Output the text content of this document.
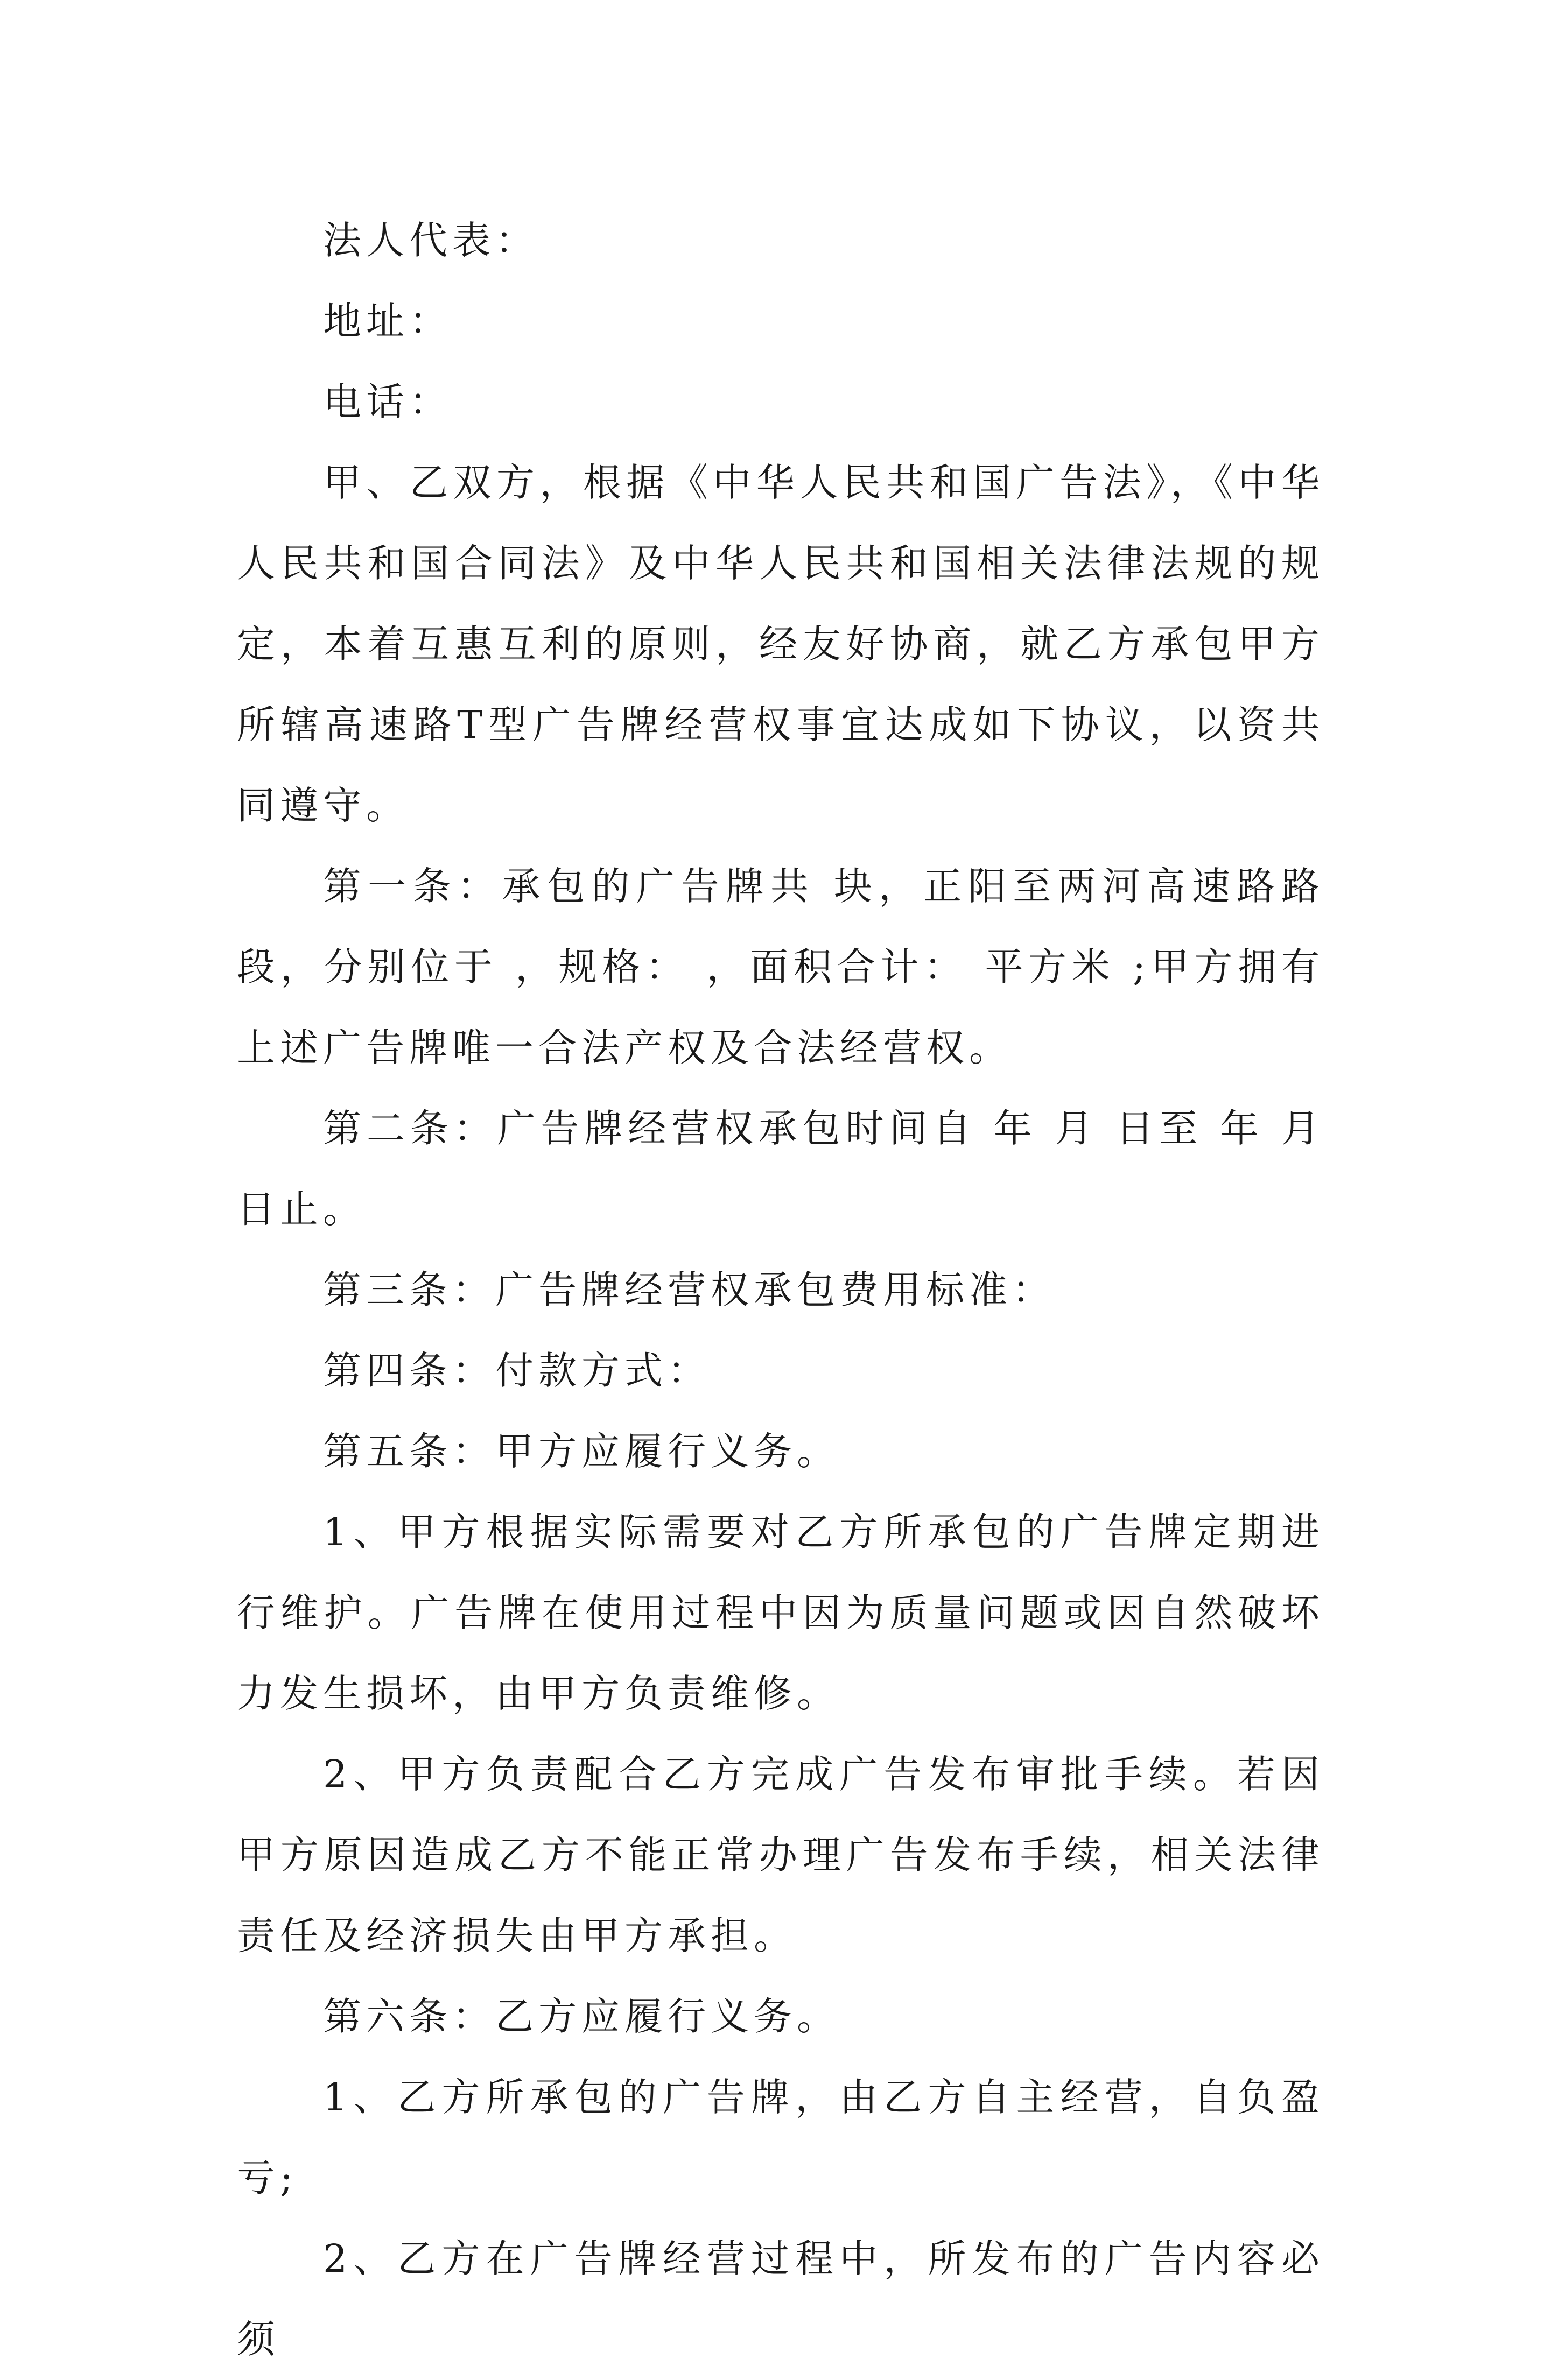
法人代表：

地址：

电话：

甲、乙双方，根据《中华人民共和国广告法》，《中华人民共和国合同法》及中华人民共和国相关法律法规的规定，本着互惠互利的原则，经友好协商，就乙方承包甲方所辖高速路T型广告牌经营权事宜达成如下协议，以资共同遵守。

第一条：承包的广告牌共 块，正阳至两河高速路路段，分别位于 ，规格： ，面积合计： 平方米 ;甲方拥有上述广告牌唯一合法产权及合法经营权。

第二条：广告牌经营权承包时间自 年 月 日至 年 月日止。

第三条：广告牌经营权承包费用标准：

第四条：付款方式：

第五条：甲方应履行义务。

1、甲方根据实际需要对乙方所承包的广告牌定期进行维护。广告牌在使用过程中因为质量问题或因自然破坏力发生损坏，由甲方负责维修。

2、甲方负责配合乙方完成广告发布审批手续。若因甲方原因造成乙方不能正常办理广告发布手续，相关法律责任及经济损失由甲方承担。

第六条：乙方应履行义务。

1、乙方所承包的广告牌，由乙方自主经营，自负盈亏;

2、乙方在广告牌经营过程中，所发布的广告内容必须
